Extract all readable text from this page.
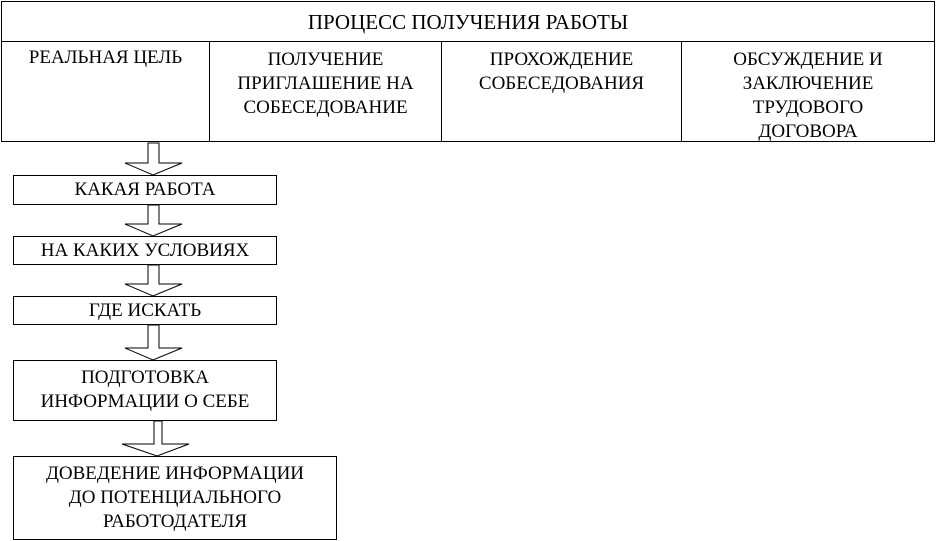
ПРОЦЕСС ПОЛУЧЕНИЯ РАБОТЫ
РЕАЛЬНАЯ ЦЕЛЬ	ПОЛУЧЕНИЕ
ПРИГЛАШЕНИЕ НА
СОБЕСЕДОВАНИЕ
ПРОХОЖДЕНИЕ
СОБЕСЕДОВАНИЯ
ОБСУЖДЕНИЕ И
ЗАКЛЮЧЕНИЕ
ТРУДОВОГО
ДОГОВОРА
КАКАЯ РАБОТА
НА КАКИХ УСЛОВИЯХ
ГДЕ ИСКАТЬ
ПОДГОТОВКА
ИНФОРМАЦИИ О СЕБЕ
ДОВЕДЕНИЕ ИНФОРМАЦИИ
ДО ПОТЕНЦИАЛЬНОГО
РАБОТОДАТЕЛЯ
